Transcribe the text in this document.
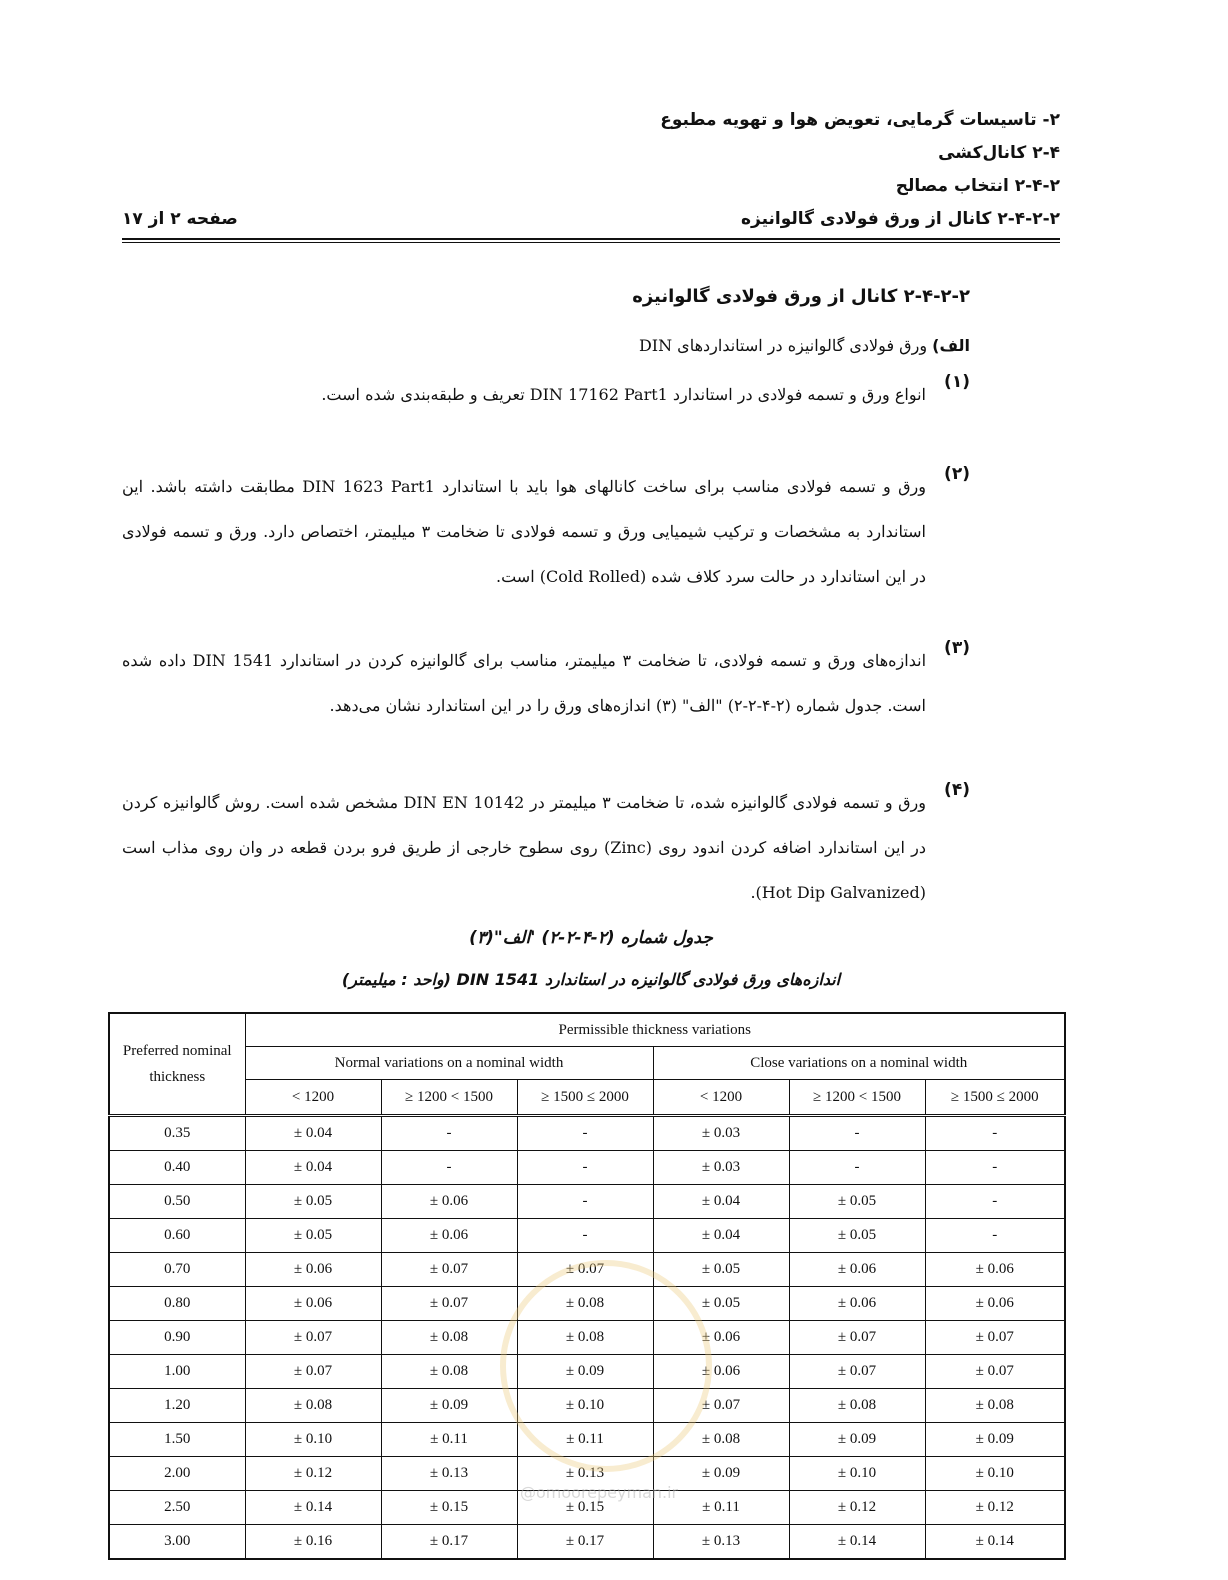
۲- تاسیسات گرمایی، تعویض هوا و تهویه مطبوع
۲-۴ کانال‌کشی
۲-۴-۲ انتخاب مصالح
۲-۴-۲-۲ کانال از ورق فولادی گالوانیزه
صفحه ۲ از ۱۷
۲-۴-۲-۲ کانال از ورق فولادی گالوانیزه
الف) ورق فولادی گالوانیزه در استانداردهای DIN
(۱)
انواع ورق و تسمه فولادی در استاندارد DIN 17162 Part1 تعریف و طبقه‌بندی شده است.
(۲)
ورق و تسمه فولادی مناسب برای ساخت کانالهای هوا باید با استاندارد DIN 1623 Part1 مطابقت داشته باشد. این استاندارد به مشخصات و ترکیب شیمیایی ورق و تسمه فولادی تا ضخامت ۳ میلیمتر، اختصاص دارد. ورق و تسمه فولادی در این استاندارد در حالت سرد کلاف شده (Cold Rolled) است.
(۳)
اندازه‌های ورق و تسمه فولادی، تا ضخامت ۳ میلیمتر، مناسب برای گالوانیزه کردن در استاندارد DIN 1541 داده شده است. جدول شماره (۲-۴-۲-۲) "الف" (۳) اندازه‌های ورق را در این استاندارد نشان می‌دهد.
(۴)
ورق و تسمه فولادی گالوانیزه شده، تا ضخامت ۳ میلیمتر در DIN EN 10142 مشخص شده است. روش گالوانیزه کردن در این استاندارد اضافه کردن اندود روی (Zinc) روی سطوح خارجی از طریق فرو بردن قطعه در وان روی مذاب است (Hot Dip Galvanized).
جدول شماره (۲-۴-۲-۲) 'الف"(۳)
اندازه‌های ورق فولادی گالوانیزه در استاندارد DIN 1541 (واحد : میلیمتر)
Preferred nominal thickness	Permissible thickness variations					
	Normal variations on a nominal width			Close variations on a nominal width		
	< 1200	≥ 1200 < 1500	≥ 1500 ≤ 2000	< 1200	≥ 1200 < 1500	≥ 1500 ≤ 2000
0.35	± 0.04	-	-	± 0.03	-	-
0.40	± 0.04	-	-	± 0.03	-	-
0.50	± 0.05	± 0.06	-	± 0.04	± 0.05	-
0.60	± 0.05	± 0.06	-	± 0.04	± 0.05	-
0.70	± 0.06	± 0.07	± 0.07	± 0.05	± 0.06	± 0.06
0.80	± 0.06	± 0.07	± 0.08	± 0.05	± 0.06	± 0.06
0.90	± 0.07	± 0.08	± 0.08	± 0.06	± 0.07	± 0.07
1.00	± 0.07	± 0.08	± 0.09	± 0.06	± 0.07	± 0.07
1.20	± 0.08	± 0.09	± 0.10	± 0.07	± 0.08	± 0.08
1.50	± 0.10	± 0.11	± 0.11	± 0.08	± 0.09	± 0.09
2.00	± 0.12	± 0.13	± 0.13	± 0.09	± 0.10	± 0.10
2.50	± 0.14	± 0.15	± 0.15	± 0.11	± 0.12	± 0.12
3.00	± 0.16	± 0.17	± 0.17	± 0.13	± 0.14	± 0.14
@omoorepeyman.ir
